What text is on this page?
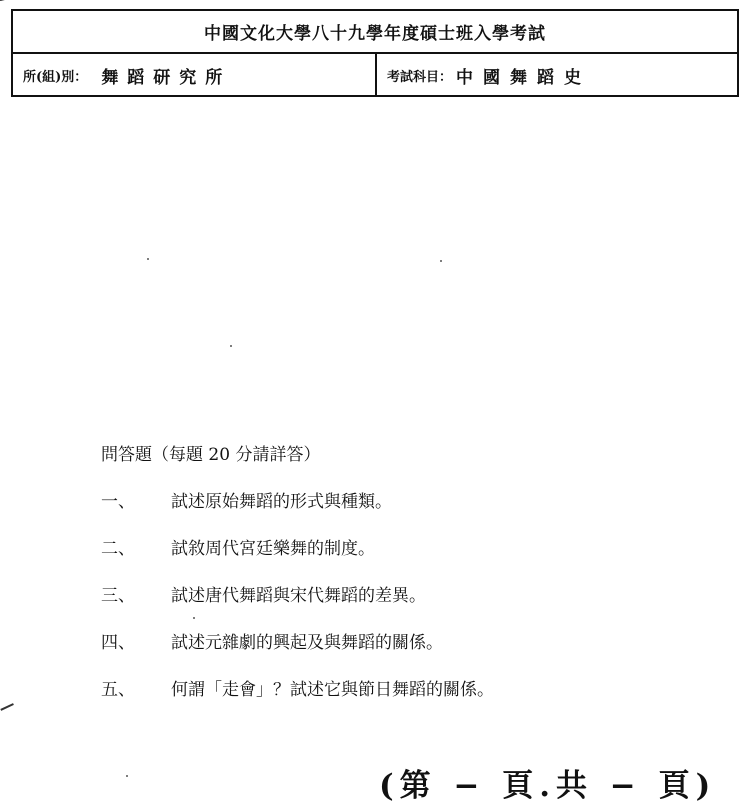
中國文化大學八十九學年度碩士班入學考試
所(組)別： 舞蹈研究所	考試科目： 中國舞蹈史
問答題（每題 20 分請詳答）
一、	試述原始舞蹈的形式與種類。
二、	試敘周代宮廷樂舞的制度。
三、	試述唐代舞蹈與宋代舞蹈的差異。
四、	試述元雜劇的興起及與舞蹈的關係。
五、	何謂「走會」？試述它與節日舞蹈的關係。
(第 − 頁.共 − 頁)
